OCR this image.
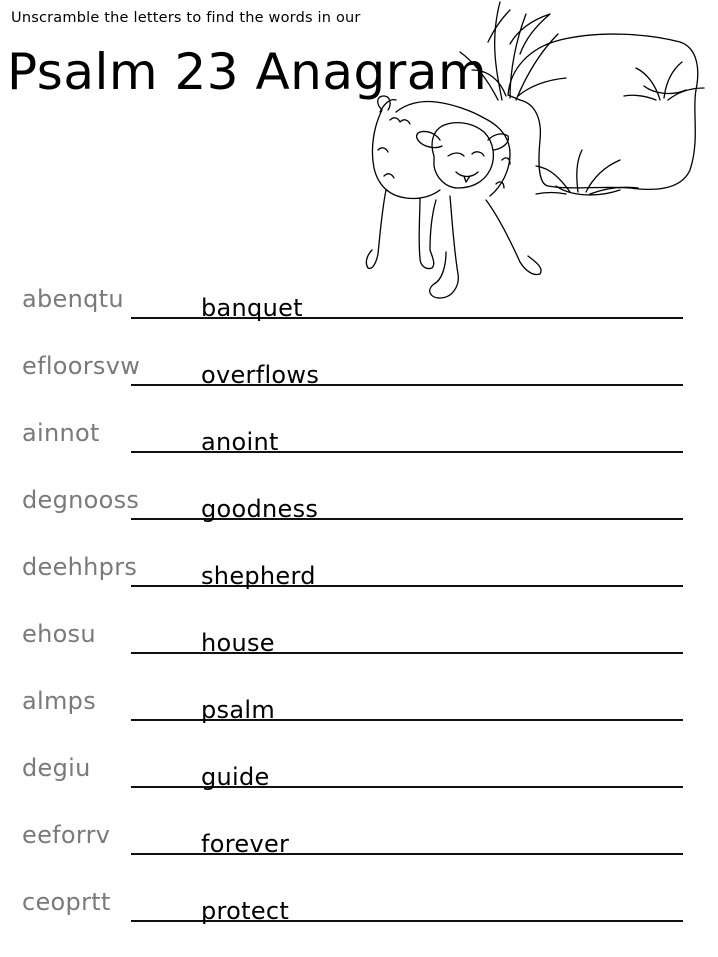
Unscramble the letters to find the words in our
Psalm 23 Anagram
abenqtu	banquet
efloorsvw	overflows
ainnot	anoint
degnooss	goodness
deehhprs	shepherd
ehosu	house
almps	psalm
degiu	guide
eeforrv	forever
ceoprtt	protect
